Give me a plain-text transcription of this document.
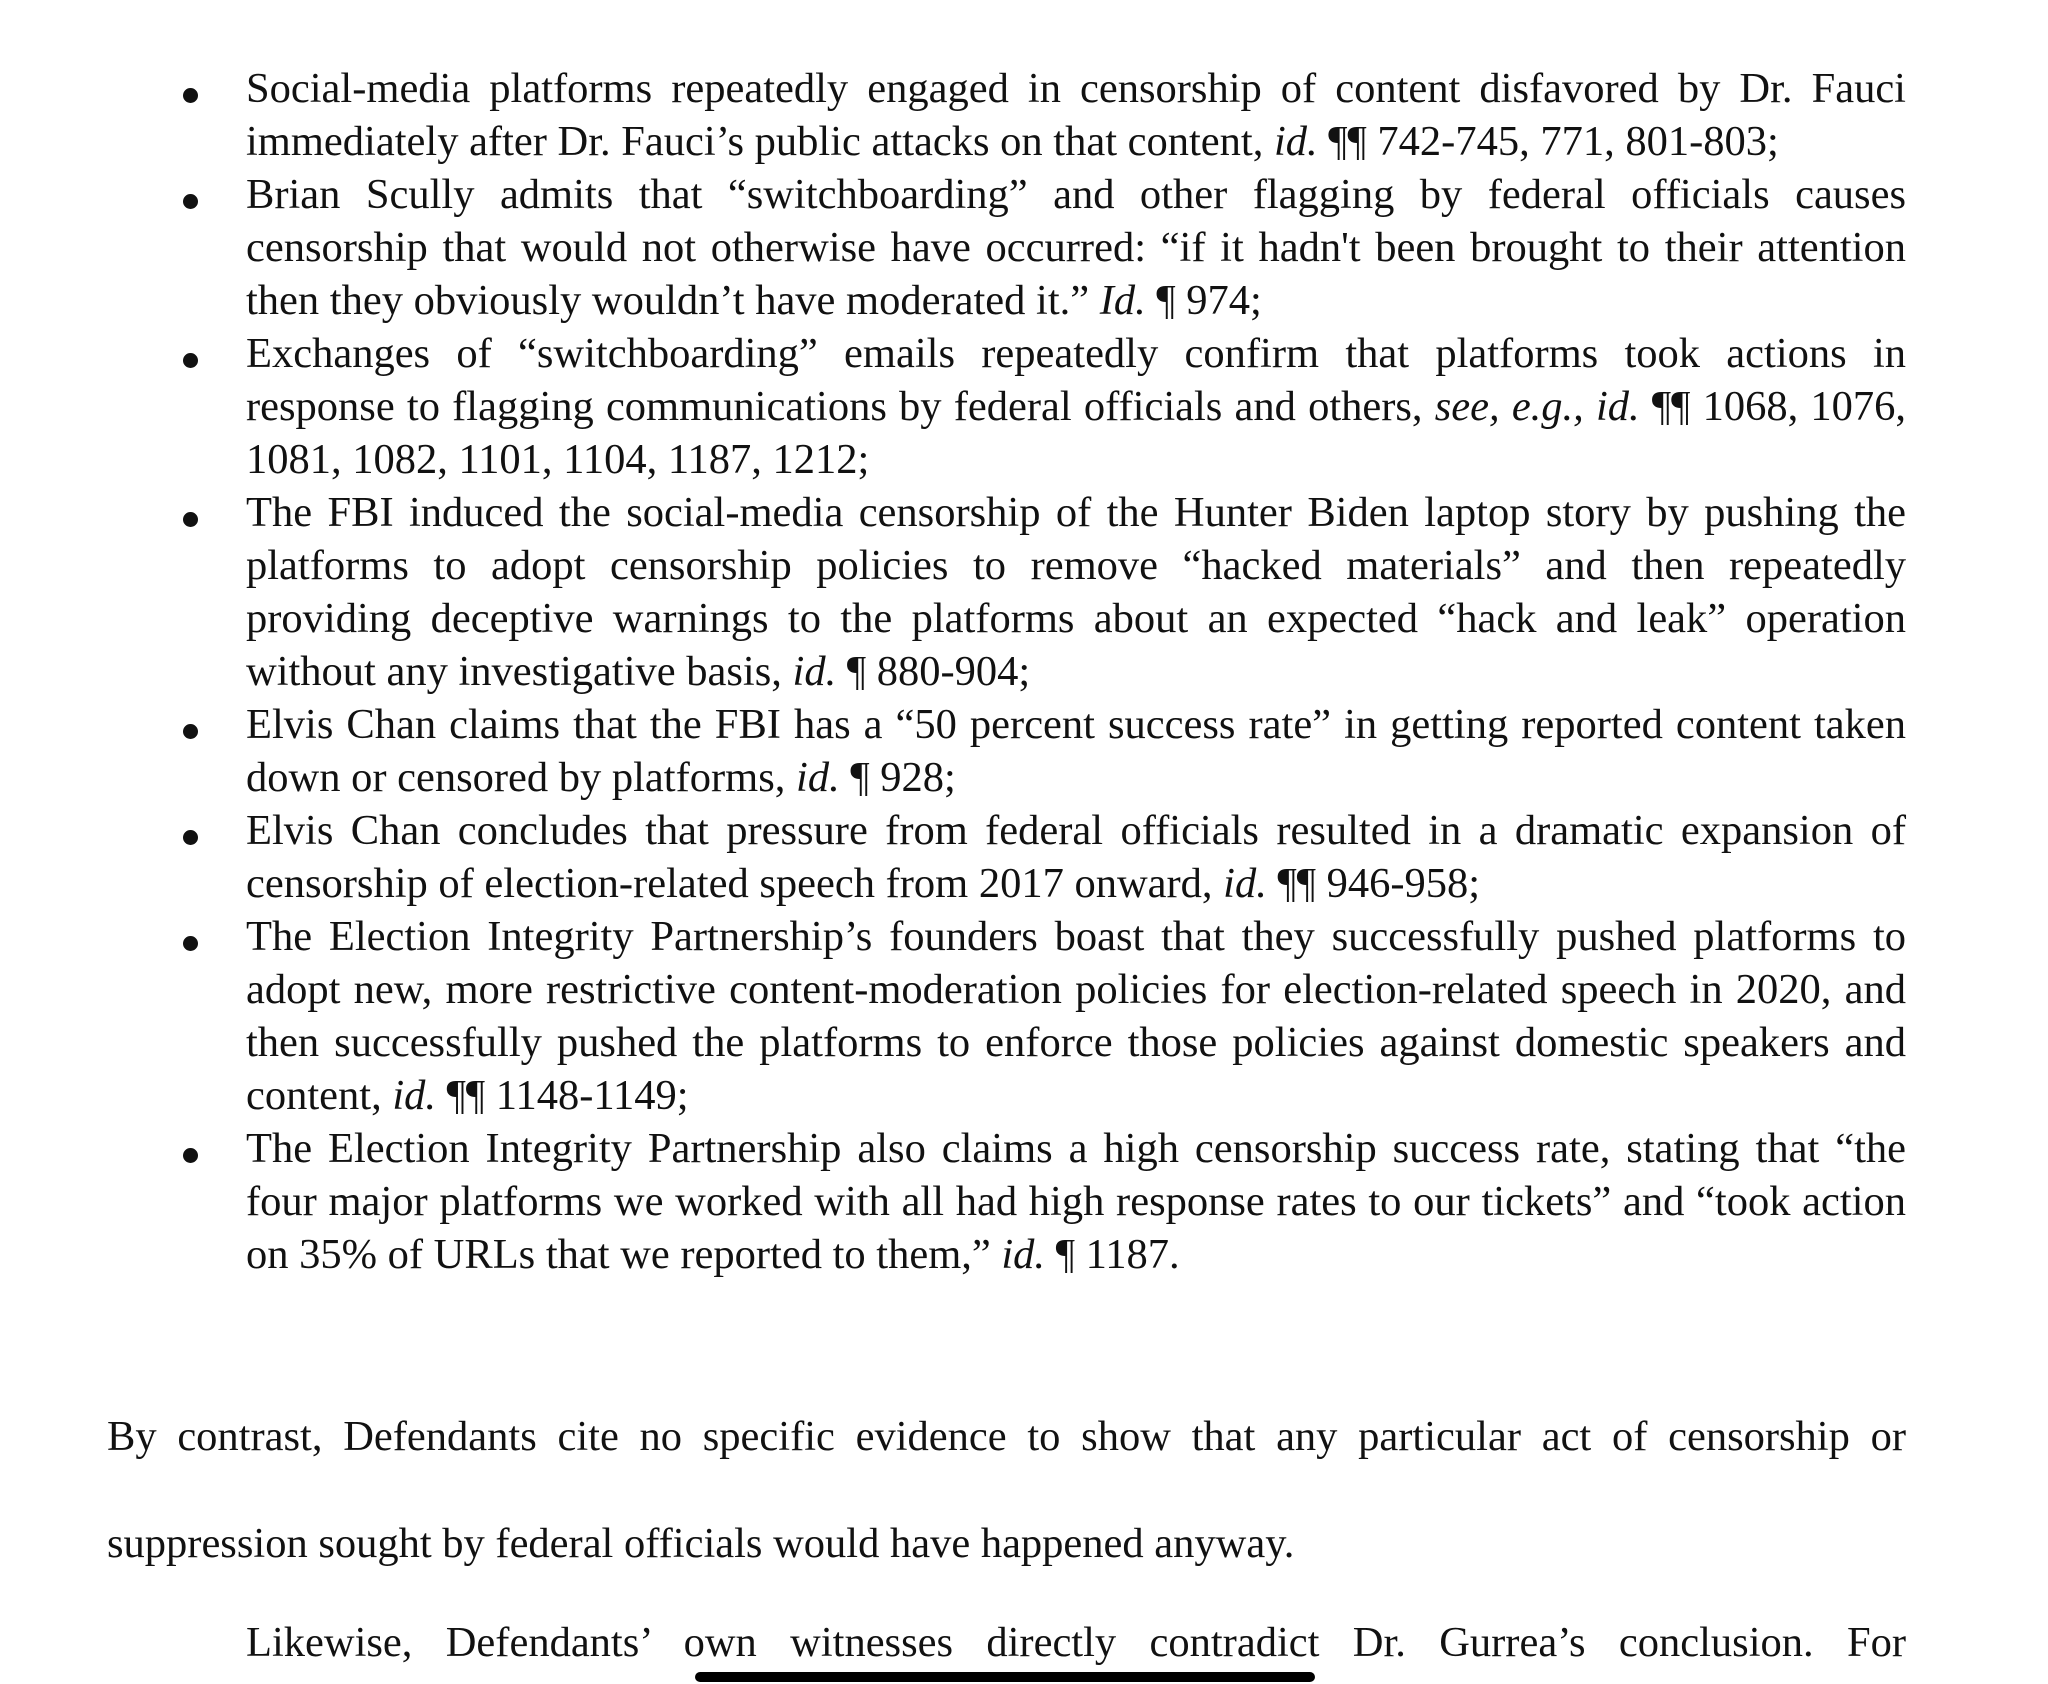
Social-media platforms repeatedly engaged in censorship of content disfavored by Dr. Fauci immediately after Dr. Fauci’s public attacks on that content, id. ¶¶ 742-745, 771, 801-803;
Brian Scully admits that “switchboarding” and other flagging by federal officials causes censorship that would not otherwise have occurred: “if it hadn't been brought to their attention then they obviously wouldn’t have moderated it.” Id. ¶ 974;
Exchanges of “switchboarding” emails repeatedly confirm that platforms took actions in response to flagging communications by federal officials and others, see, e.g., id. ¶¶ 1068, 1076, 1081, 1082, 1101, 1104, 1187, 1212;
The FBI induced the social-media censorship of the Hunter Biden laptop story by pushing the platforms to adopt censorship policies to remove “hacked materials” and then repeatedly providing deceptive warnings to the platforms about an expected “hack and leak” operation without any investigative basis, id. ¶ 880-904;
Elvis Chan claims that the FBI has a “50 percent success rate” in getting reported content taken down or censored by platforms, id. ¶ 928;
Elvis Chan concludes that pressure from federal officials resulted in a dramatic expansion of censorship of election-related speech from 2017 onward, id. ¶¶ 946-958;
The Election Integrity Partnership’s founders boast that they successfully pushed platforms to adopt new, more restrictive content-moderation policies for election-related speech in 2020, and then successfully pushed the platforms to enforce those policies against domestic speakers and content, id. ¶¶ 1148-1149;
The Election Integrity Partnership also claims a high censorship success rate, stating that “the four major platforms we worked with all had high response rates to our tickets” and “took action on 35% of URLs that we reported to them,” id. ¶ 1187.

By contrast, Defendants cite no specific evidence to show that any particular act of censorship or
suppression sought by federal officials would have happened anyway.

Likewise, Defendants’ own witnesses directly contradict Dr. Gurrea’s conclusion. For
